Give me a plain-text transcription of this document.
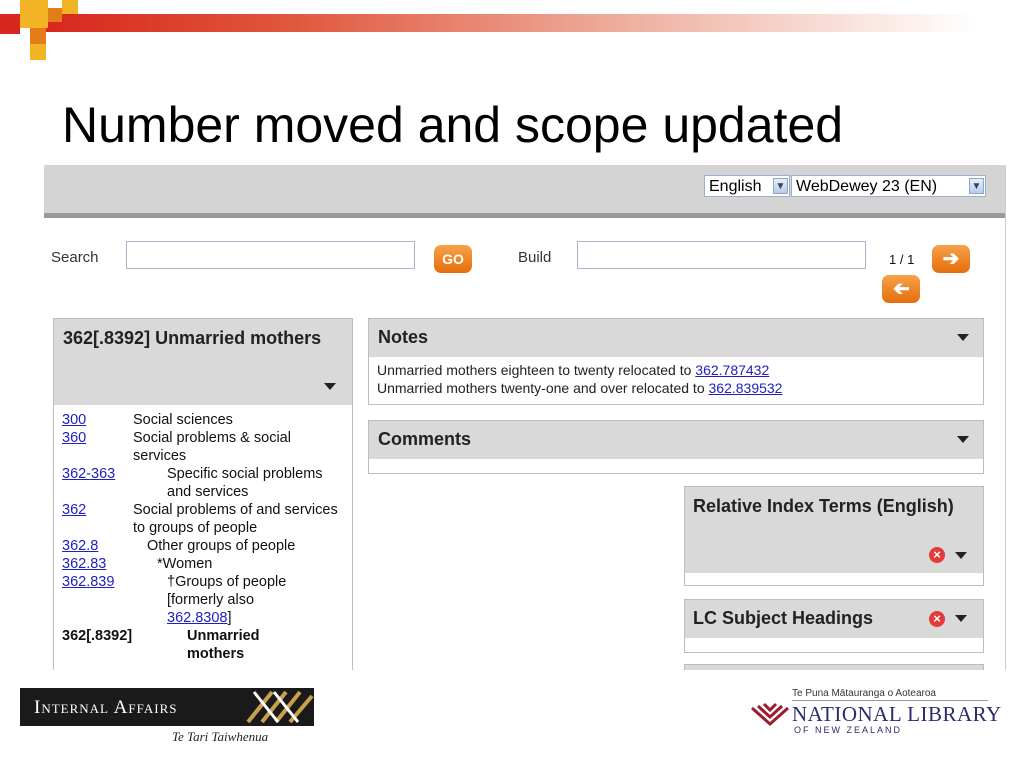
Number moved and scope updated
English ▼ WebDewey 23 (EN)	▼
Search	GO	Build	1 / 1	➔
➔
362[.8392] Unmarried mothers
300	Social sciences
360	Social problems & social services
362-363	Specific social problems and services
362	Social problems of and services to groups of people
362.8	Other groups of people
362.83	*Women
362.839	†Groups of people [formerly also
362.8308]
362[.8392]	Unmarried mothers
Notes
Unmarried mothers eighteen to twenty relocated to 362.787432
Unmarried mothers twenty-one and over relocated to 362.839532
Comments
Relative Index Terms (English)
×
LC Subject Headings	×
Internal Affairs
Te Tari Taiwhenua
Te Puna Mātauranga o Aotearoa
NATIONAL LIBRARY
OF NEW ZEALAND
